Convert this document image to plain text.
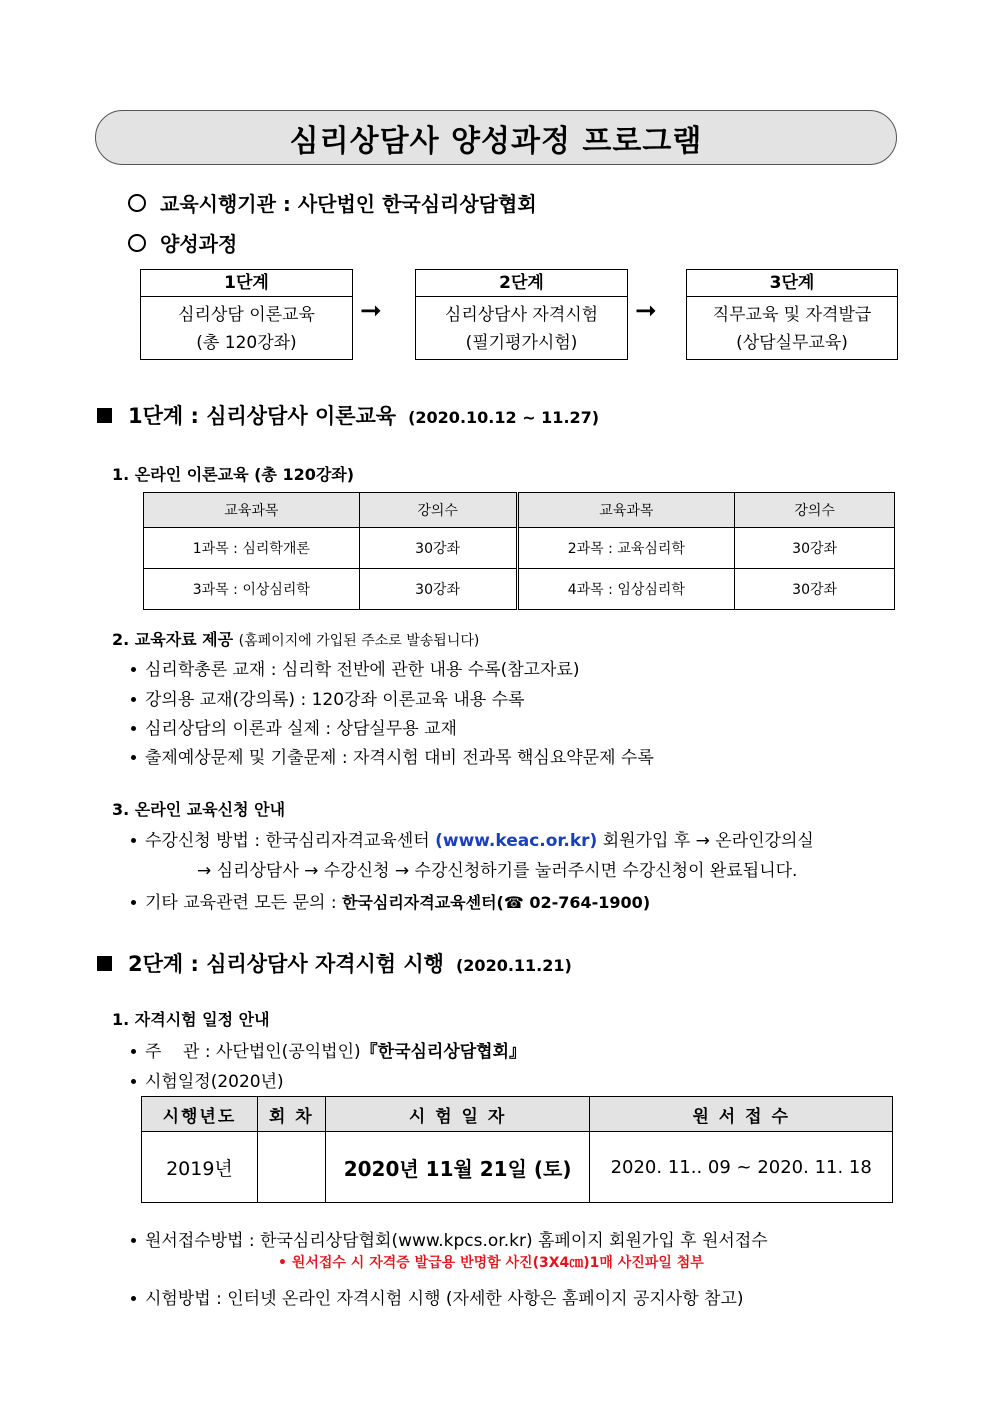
심리상담사 양성과정 프로그램
교육시행기관 : 사단법인 한국심리상담협회
양성과정
1단계
심리상담 이론교육
(총 120강좌)
➞
2단계
심리상담사 자격시험
(필기평가시험)
➞
3단계
직무교육 및 자격발급
(상담실무교육)
1단계 : 심리상담사 이론교육 (2020.10.12 ~ 11.27)
1. 온라인 이론교육 (총 120강좌)
교육과목	강의수	교육과목	강의수
1과목 : 심리학개론	30강좌	2과목 : 교육심리학	30강좌
3과목 : 이상심리학	30강좌	4과목 : 임상심리학	30강좌
2. 교육자료 제공 (홈페이지에 가입된 주소로 발송됩니다)
심리학총론 교재 : 심리학 전반에 관한 내용 수록(참고자료)
강의용 교재(강의록) : 120강좌 이론교육 내용 수록
심리상담의 이론과 실제 : 상담실무용 교재
출제예상문제 및 기출문제 : 자격시험 대비 전과목 핵심요약문제 수록
3. 온라인 교육신청 안내
수강신청 방법 : 한국심리자격교육센터 (www.keac.or.kr) 회원가입 후 → 온라인강의실
→ 심리상담사 → 수강신청 → 수강신청하기를 눌러주시면 수강신청이 완료됩니다.
기타 교육관련 모든 문의 : 한국심리자격교육센터(☎ 02-764-1900)
2단계 : 심리상담사 자격시험 시행 (2020.11.21)
1. 자격시험 일정 안내
주    관 : 사단법인(공익법인) 『한국심리상담협회』
시험일정(2020년)
시행년도	회 차	시 험 일 자	원 서 접 수
2019년		2020년 11월 21일 (토)	2020. 11.. 09 ~ 2020. 11. 18
원서접수방법 : 한국심리상담협회(www.kpcs.or.kr) 홈페이지 회원가입 후 원서접수
• 원서접수 시 자격증 발급용 반명함 사진(3X4㎝)1매 사진파일 첨부
시험방법 : 인터넷 온라인 자격시험 시행 (자세한 사항은 홈페이지 공지사항 참고)
